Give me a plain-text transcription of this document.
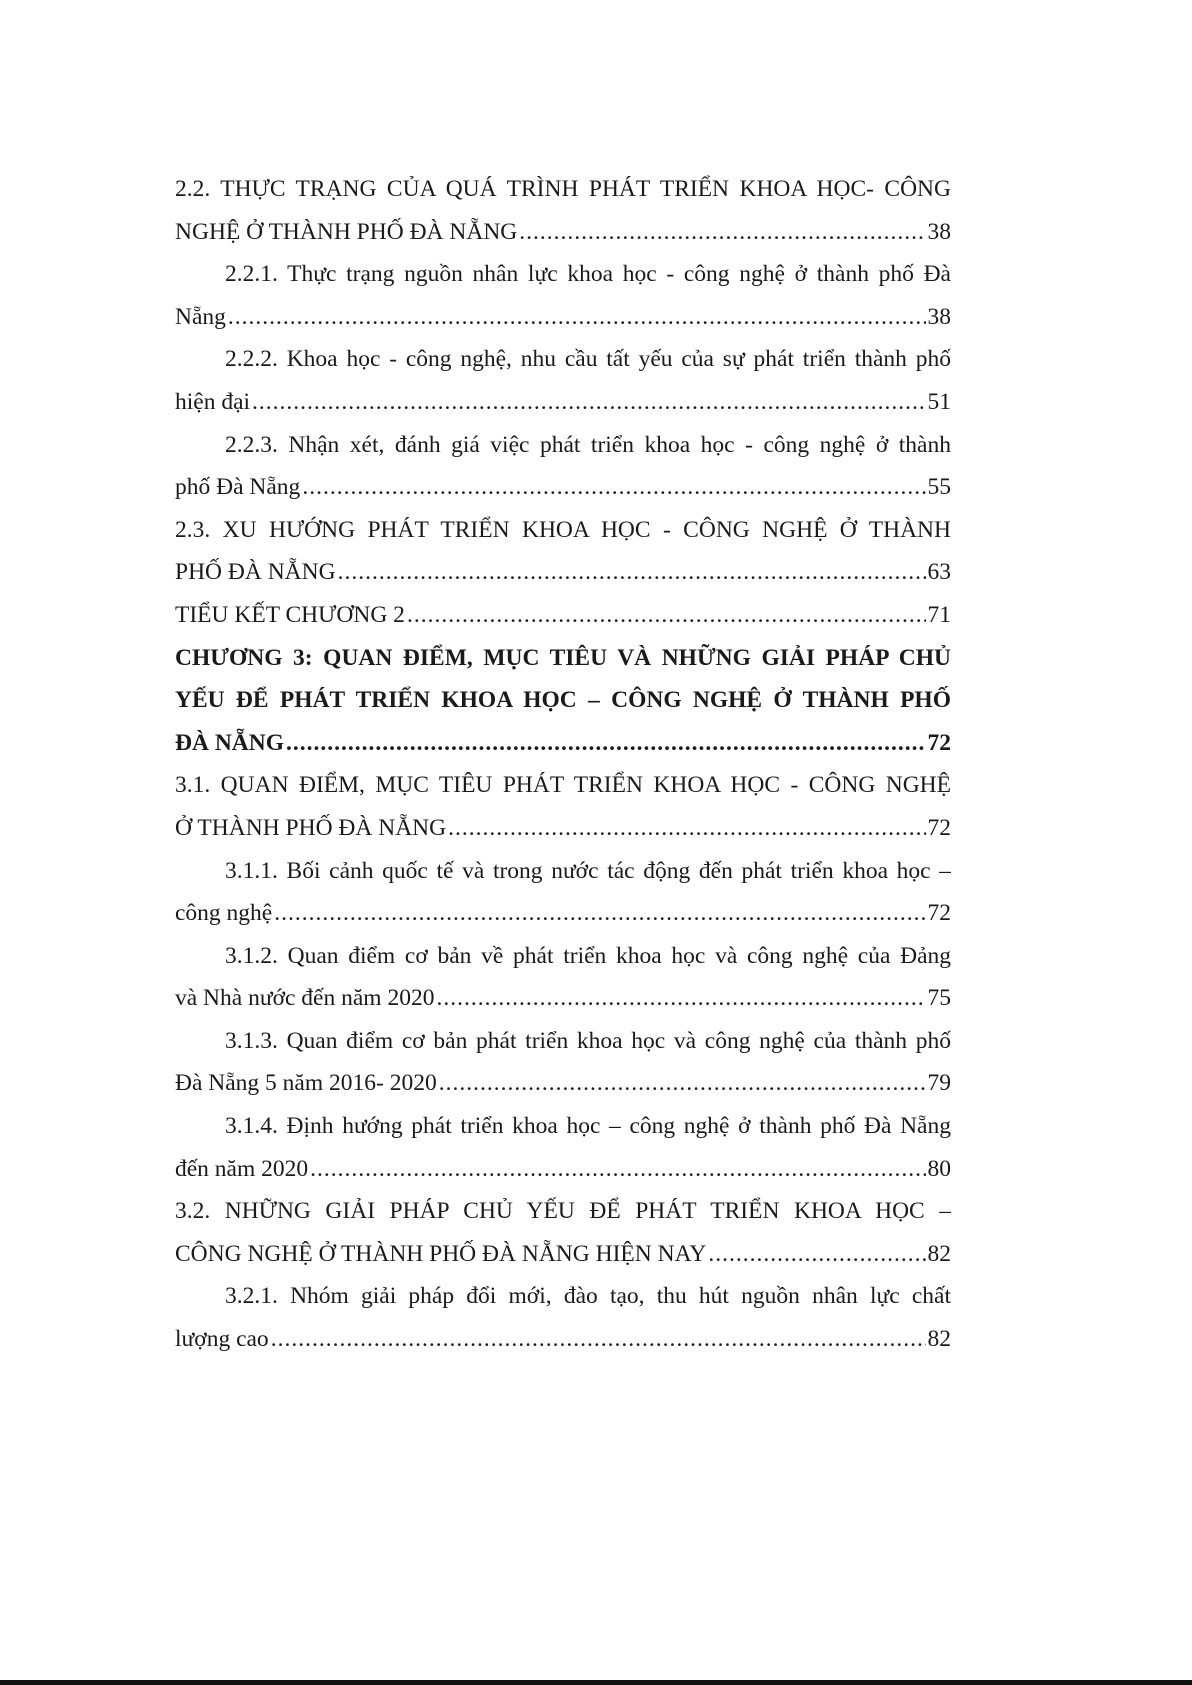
2.2. THỰC TRẠNG CỦA QUÁ TRÌNH PHÁT TRIỂN KHOA HỌC- CÔNG
NGHỆ Ở THÀNH PHỐ ĐÀ NẴNG .....	38
2.2.1. Thực trạng nguồn nhân lực khoa học - công nghệ ở thành phố Đà
Nẵng .....	38
2.2.2. Khoa học - công nghệ, nhu cầu tất yếu của sự phát triển thành phố
hiện đại .....	51
2.2.3. Nhận xét, đánh giá việc phát triển khoa học - công nghệ ở thành
phố Đà Nẵng .....	55
2.3. XU HƯỚNG PHÁT TRIỂN KHOA HỌC - CÔNG NGHỆ Ở THÀNH
PHỐ ĐÀ NẴNG .....	63
TIỂU KẾT CHƯƠNG 2 .....	71
CHƯƠNG 3: QUAN ĐIỂM, MỤC TIÊU VÀ NHỮNG GIẢI PHÁP CHỦ
YẾU ĐỂ PHÁT TRIỂN KHOA HỌC – CÔNG NGHỆ Ở THÀNH PHỐ
ĐÀ NẴNG .....	72
3.1. QUAN ĐIỂM, MỤC TIÊU PHÁT TRIỂN KHOA HỌC - CÔNG NGHỆ
Ở THÀNH PHỐ ĐÀ NẴNG .....	72
3.1.1. Bối cảnh quốc tế và trong nước tác động đến phát triển khoa học –
công nghệ .....	72
3.1.2. Quan điểm cơ bản về phát triển khoa học và công nghệ của Đảng
và Nhà nước đến năm 2020 .....	75
3.1.3. Quan điểm cơ bản phát triển khoa học và công nghệ của thành phố
Đà Nẵng 5 năm 2016- 2020 .....	79
3.1.4. Định hướng phát triển khoa học – công nghệ ở thành phố Đà Nẵng
đến năm 2020 .....	80
3.2. NHỮNG GIẢI PHÁP CHỦ YẾU ĐỂ PHÁT TRIỂN KHOA HỌC –
CÔNG NGHỆ Ở THÀNH PHỐ ĐÀ NẴNG HIỆN NAY .....	82
3.2.1. Nhóm giải pháp đổi mới, đào tạo, thu hút nguồn nhân lực chất
lượng cao .....	82
